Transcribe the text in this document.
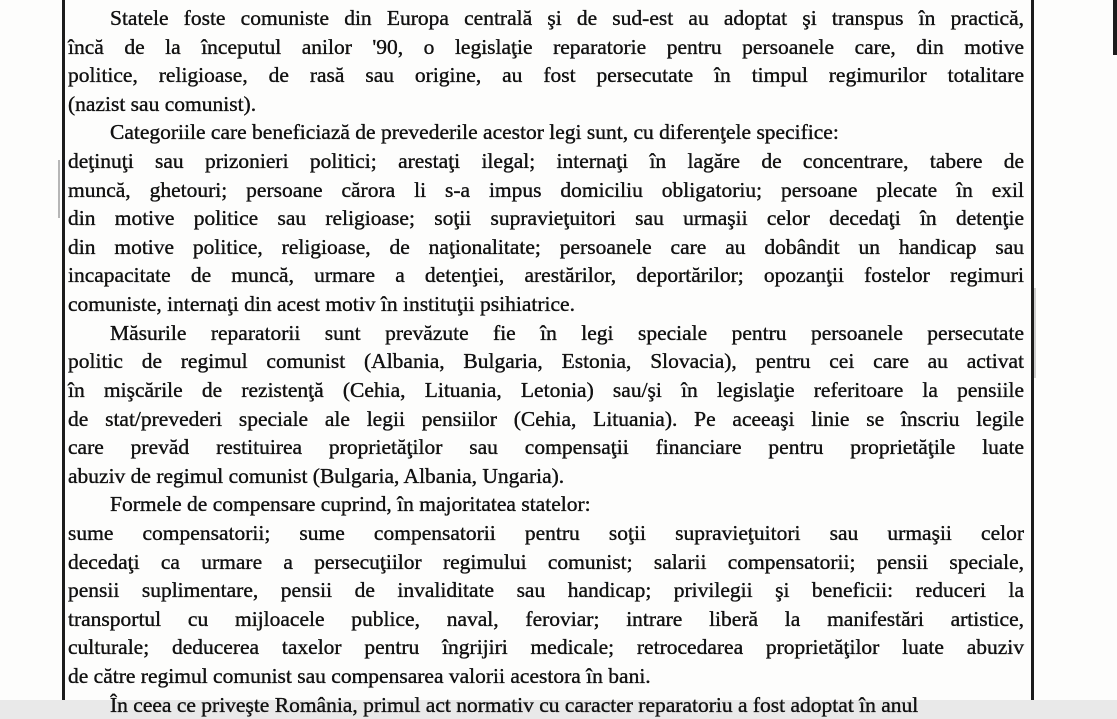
Statele foste comuniste din Europa centrală şi de sud-est au adoptat şi transpus în practică,
încă de la începutul anilor '90, o legislaţie reparatorie pentru persoanele care, din motive
politice, religioase, de rasă sau origine, au fost persecutate în timpul regimurilor totalitare
(nazist sau comunist).
Categoriile care beneficiază de prevederile acestor legi sunt, cu diferenţele specifice:
deţinuţi sau prizonieri politici; arestaţi ilegal; internaţi în lagăre de concentrare, tabere de
muncă, ghetouri; persoane cărora li s-a impus domiciliu obligatoriu; persoane plecate în exil
din motive politice sau religioase; soţii supravieţuitori sau urmaşii celor decedaţi în detenţie
din motive politice, religioase, de naţionalitate; persoanele care au dobândit un handicap sau
incapacitate de muncă, urmare a detenţiei, arestărilor, deportărilor; opozanţii fostelor regimuri
comuniste, internaţi din acest motiv în instituţii psihiatrice.
Măsurile reparatorii sunt prevăzute fie în legi speciale pentru persoanele persecutate
politic de regimul comunist (Albania, Bulgaria, Estonia, Slovacia), pentru cei care au activat
în mişcările de rezistenţă (Cehia, Lituania, Letonia) sau/şi în legislaţie referitoare la pensiile
de stat/prevederi speciale ale legii pensiilor (Cehia, Lituania). Pe aceeaşi linie se înscriu legile
care prevăd restituirea proprietăţilor sau compensaţii financiare pentru proprietăţile luate
abuziv de regimul comunist (Bulgaria, Albania, Ungaria).
Formele de compensare cuprind, în majoritatea statelor:
sume compensatorii; sume compensatorii pentru soţii supravieţuitori sau urmaşii celor
decedaţi ca urmare a persecuţiilor regimului comunist; salarii compensatorii; pensii speciale,
pensii suplimentare, pensii de invaliditate sau handicap; privilegii şi beneficii: reduceri la
transportul cu mijloacele publice, naval, feroviar; intrare liberă la manifestări artistice,
culturale; deducerea taxelor pentru îngrijiri medicale; retrocedarea proprietăţilor luate abuziv
de către regimul comunist sau compensarea valorii acestora în bani.
În ceea ce priveşte România, primul act normativ cu caracter reparatoriu a fost adoptat în anul
